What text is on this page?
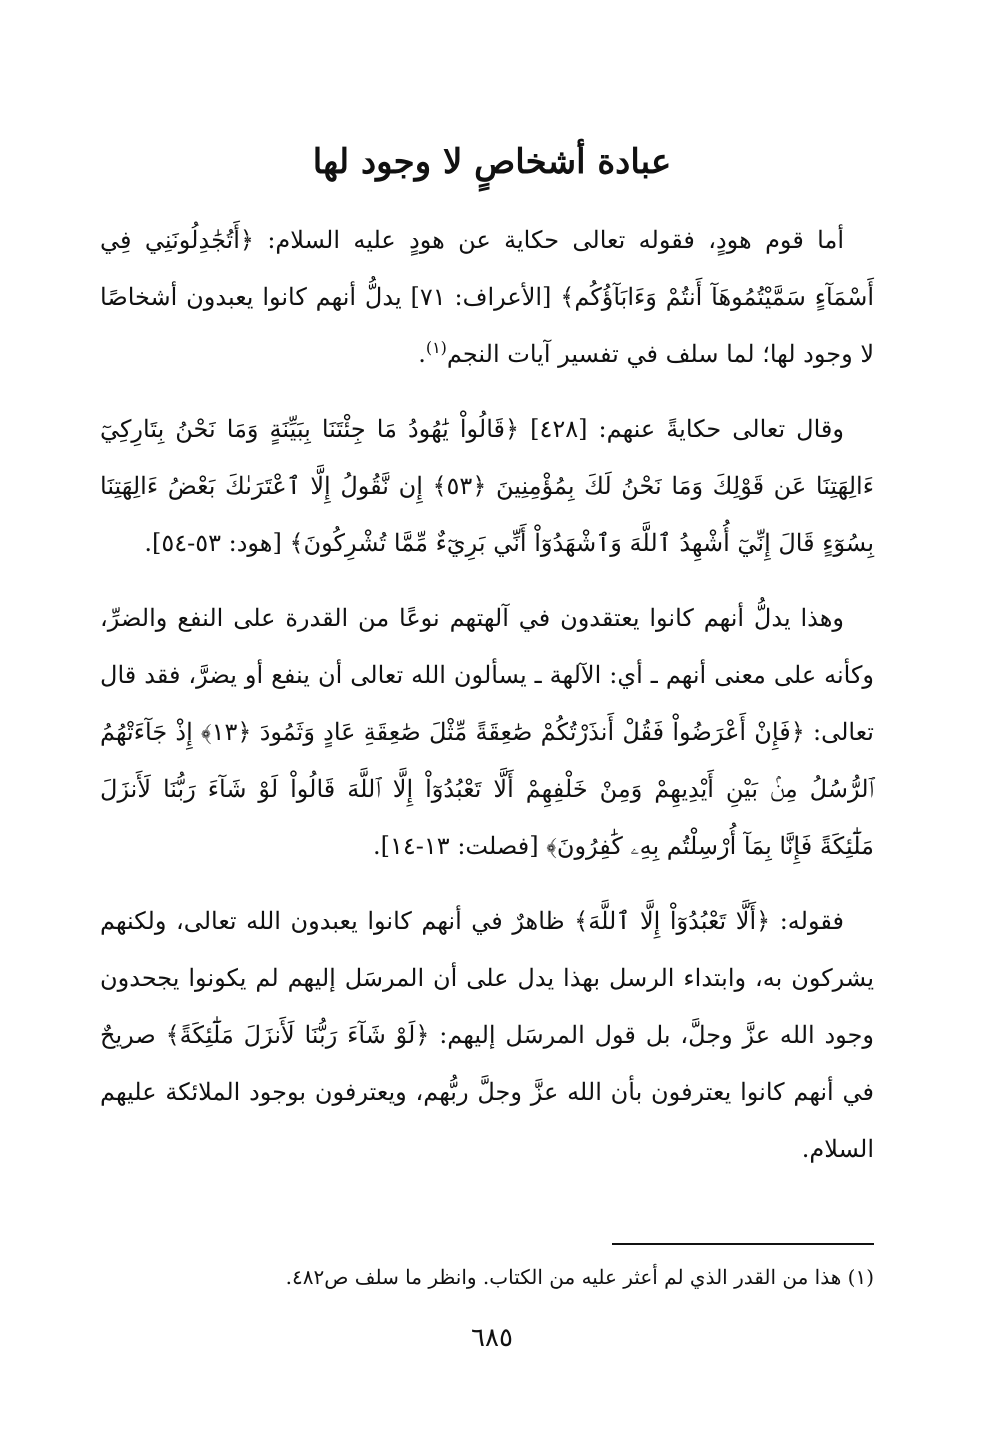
عبادة أشخاصٍ لا وجود لها

أما قوم هودٍ، فقوله تعالى حكاية عن هودٍ عليه السلام: ﴿أَتُجَٰدِلُونَنِي فِي أَسْمَآءٍ سَمَّيْتُمُوهَآ أَنتُمْ وَءَابَآؤُكُم﴾ [الأعراف: ٧١] يدلُّ أنهم كانوا يعبدون أشخاصًا لا وجود لها؛ لما سلف في تفسير آيات النجم$^{(١)}$.

وقال تعالى حكايةً عنهم: [٤٢٨] ﴿قَالُواْ يَٰهُودُ مَا جِئْتَنَا بِبَيِّنَةٍ وَمَا نَحْنُ بِتَارِكِيٓ ءَالِهَتِنَا عَن قَوْلِكَ وَمَا نَحْنُ لَكَ بِمُؤْمِنِينَ ﴿٥٣﴾ إِن نَّقُولُ إِلَّا ٱعْتَرَىٰكَ بَعْضُ ءَالِهَتِنَا بِسُوٓءٍ قَالَ إِنِّيٓ أُشْهِدُ ٱللَّهَ وَٱشْهَدُوٓاْ أَنِّي بَرِيٓءٌ مِّمَّا تُشْرِكُونَ﴾ [هود: ٥٣-٥٤].

وهذا يدلُّ أنهم كانوا يعتقدون في آلهتهم نوعًا من القدرة على النفع والضرِّ، وكأنه على معنى أنهم ـ أي: الآلهة ـ يسألون الله تعالى أن ينفع أو يضرَّ، فقد قال تعالى: ﴿فَإِنْ أَعْرَضُواْ فَقُلْ أَنذَرْتُكُمْ صَٰعِقَةً مِّثْلَ صَٰعِقَةِ عَادٍ وَثَمُودَ ﴿١٣﴾ إِذْ جَآءَتْهُمُ ٱلرُّسُلُ مِنۢ بَيْنِ أَيْدِيهِمْ وَمِنْ خَلْفِهِمْ أَلَّا تَعْبُدُوٓاْ إِلَّا ٱللَّهَ قَالُواْ لَوْ شَآءَ رَبُّنَا لَأَنزَلَ مَلَٰٓئِكَةً فَإِنَّا بِمَآ أُرْسِلْتُم بِهِۦ كَٰفِرُونَ﴾ [فصلت: ١٣-١٤].

فقوله: ﴿أَلَّا تَعْبُدُوٓاْ إِلَّا ٱللَّهَ﴾ ظاهرٌ في أنهم كانوا يعبدون الله تعالى، ولكنهم يشركون به، وابتداء الرسل بهذا يدل على أن المرسَل إليهم لم يكونوا يجحدون وجود الله عزَّ وجلَّ، بل قول المرسَل إليهم: ﴿لَوْ شَآءَ رَبُّنَا لَأَنزَلَ مَلَٰٓئِكَةً﴾ صريحٌ في أنهم كانوا يعترفون بأن الله عزَّ وجلَّ ربُّهم، ويعترفون بوجود الملائكة عليهم السلام.

(١) هذا من القدر الذي لم أعثر عليه من الكتاب. وانظر ما سلف ص٤٨٢.

٦٨٥
